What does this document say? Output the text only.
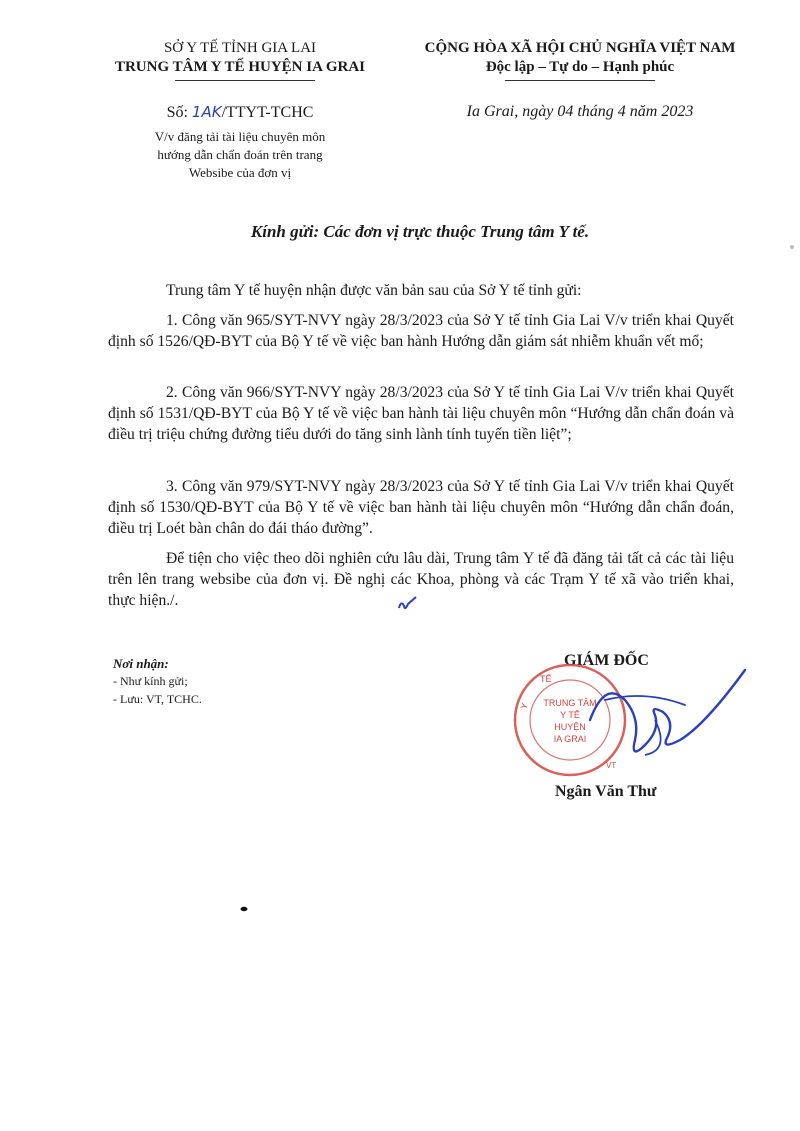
SỞ Y TẾ TỈNH GIA LAI
TRUNG TÂM Y TẾ HUYỆN IA GRAI
CỘNG HÒA XÃ HỘI CHỦ NGHĨA VIỆT NAM
Độc lập – Tự do – Hạnh phúc
Số: 1AK/TTYT-TCHC
V/v đăng tải tài liệu chuyên môn
hướng dẫn chẩn đoán trên trang
Websibe của đơn vị
Ia Grai, ngày 04 tháng 4 năm 2023
Kính gửi: Các đơn vị trực thuộc Trung tâm Y tế.
Trung tâm Y tế huyện nhận được văn bản sau của Sở Y tế tỉnh gửi:
1. Công văn 965/SYT-NVY ngày 28/3/2023 của Sở Y tế tỉnh Gia Lai V/v triển khai Quyết định số 1526/QĐ-BYT của Bộ Y tế về việc ban hành Hướng dẫn giám sát nhiễm khuẩn vết mổ;
2. Công văn 966/SYT-NVY ngày 28/3/2023 của Sở Y tế tỉnh Gia Lai V/v triển khai Quyết định số 1531/QĐ-BYT của Bộ Y tế về việc ban hành tài liệu chuyên môn “Hướng dẫn chẩn đoán và điều trị triệu chứng đường tiểu dưới do tăng sinh lành tính tuyến tiền liệt”;
3. Công văn 979/SYT-NVY ngày 28/3/2023 của Sở Y tế tỉnh Gia Lai V/v triển khai Quyết định số 1530/QĐ-BYT của Bộ Y tế về việc ban hành tài liệu chuyên môn “Hướng dẫn chẩn đoán, điều trị Loét bàn chân do đái tháo đường”.
Để tiện cho việc theo dõi nghiên cứu lâu dài, Trung tâm Y tế đã đăng tải tất cả các tài liệu trên lên trang websibe của đơn vị. Đề nghị các Khoa, phòng và các Trạm Y tế xã vào triển khai, thực hiện./.
Nơi nhận:
- Như kính gửi;
- Lưu: VT, TCHC.
GIÁM ĐỐC
TRUNG TÂM
Y TẾ
HUYỆN
IA GRAI
Y
TẾ
VT
Ngân Văn Thư
